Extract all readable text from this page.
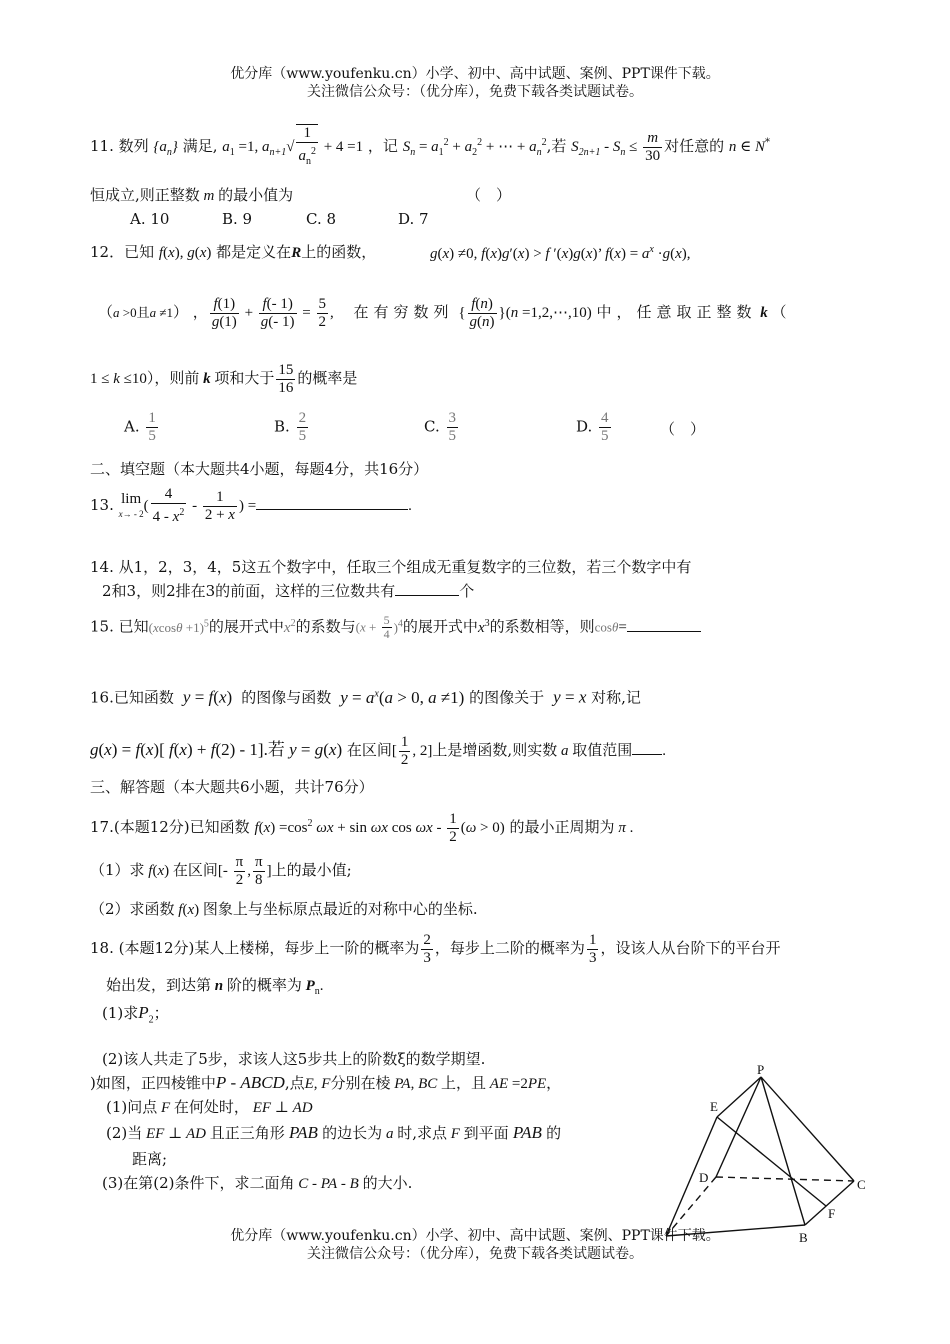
优分库（www.youfenku.cn）小学、初中、高中试题、案例、PPT课件下载。
关注微信公众号：（优分库），免费下载各类试题试卷。
11. 数列 $\{a_n\}$ 满足, $a_1 =1$, $a_{n+1}√ \frac{1}{a_n^2} + 4 =1$ ，记 $S_n = a_1^2 + a_2^2$ + ⋯ + $a_n^2$,若 $S_{2n+1} - S_n \le \frac{m}{30}$ 对任意的 n ∈ N*
恒成立,则正整数 m 的最小值为	（　）
A. 10	B. 9	C. 8	D. 7
12．已知 f(x), g(x) 都是定义在R上的函数，	g(x) ≠0, f(x)g′(x) > f ′(x)g(x)’ $f(x) = a^x \cdot g(x)$,
（a >0且a ≠1） ， $\frac{f(1)}{g(1)} + \frac{f(- 1)}{g(- 1)} = \frac{5}{2}$ ,　 在有穷数列 { $\frac{f(n)}{g(n)} \}(n$ =1,2,⋯,10) 中，任意取正整数 k （
1 ≤ k ≤10），则前 k 项和大于 $\frac{15}{16}$ 的概率是
A. $\frac{1}{5}$	B. $\frac{2}{5}$	C. $\frac{3}{5}$	D. $\frac{4}{5}$	（　）
二、填空题（本大题共4小题，每题4分，共16分）
13. lim
$x\to - 2( \frac{4}{4 - x^2} - \frac{1}{2 + x}$ ) =	.
14. 从1，2，3，4，5这五个数字中，任取三个组成无重复数字的三位数，若三个数字中有
2和3，则2排在3的前面，这样的三位数共有	个
15. 已知$(xcos\theta +1)^5$的展开式中$x^2$的系数与$(x + \frac{5}{4} )^4$的展开式中$x^3$的系数相等，则cosθ=
16.已知函数 y = f(x)  的图像与函数 $y = a^x(a > 0$, a ≠1) 的图像关于 y = x 对称,记
g(x) = f(x)[ f(x) + f(2) - 1].若 y = g(x) 在区间[ $\frac{1}{2}$ , 2]上是增函数,则实数 a 取值范围 .
三、解答题（本大题共6小题，共计76分）
17.(本题12分)已知函数 $f(x) =\cos^2$ ωx + sin ωx $\cos \omega x - \frac{1}{2} (\omega > 0)$ 的最小正周期为 π .
（1）求 f(x) 在区间[- $\frac{\pi}{2}$ , $\frac{\pi}{8}$ ]上的最小值;
（2）求函数 f(x) 图象上与坐标原点最近的对称中心的坐标.
18. (本题12分)某人上楼梯，每步上一阶的概率为 $\frac{2}{3}$ ，每步上二阶的概率为 $\frac{1}{3}$ ，设该人从台阶下的平台开
始出发，到达第 n 阶的概率为 $P_n$.
(1)求$P_2$；
(2)该人共走了5步，求该人这5步共上的阶数ξ的数学期望.
)如图，正四棱锥中P - ABCD,点E, F分别在棱 PA, BC 上，且 AE =2PE，
(1)问点 F 在何处时， EF ⊥ AD
(2)当 EF ⊥ AD 且正三角形 PAB 的边长为 a 时,求点 F 到平面 PAB 的
距离;
(3)在第(2)条件下，求二面角 C - PA - B 的大小.
P
E
D	C
F
B
优分库（www.youfenku.cn）小学、初中、高中试题、案例、PPT课件下载。
关注微信公众号：（优分库），免费下载各类试题试卷。
